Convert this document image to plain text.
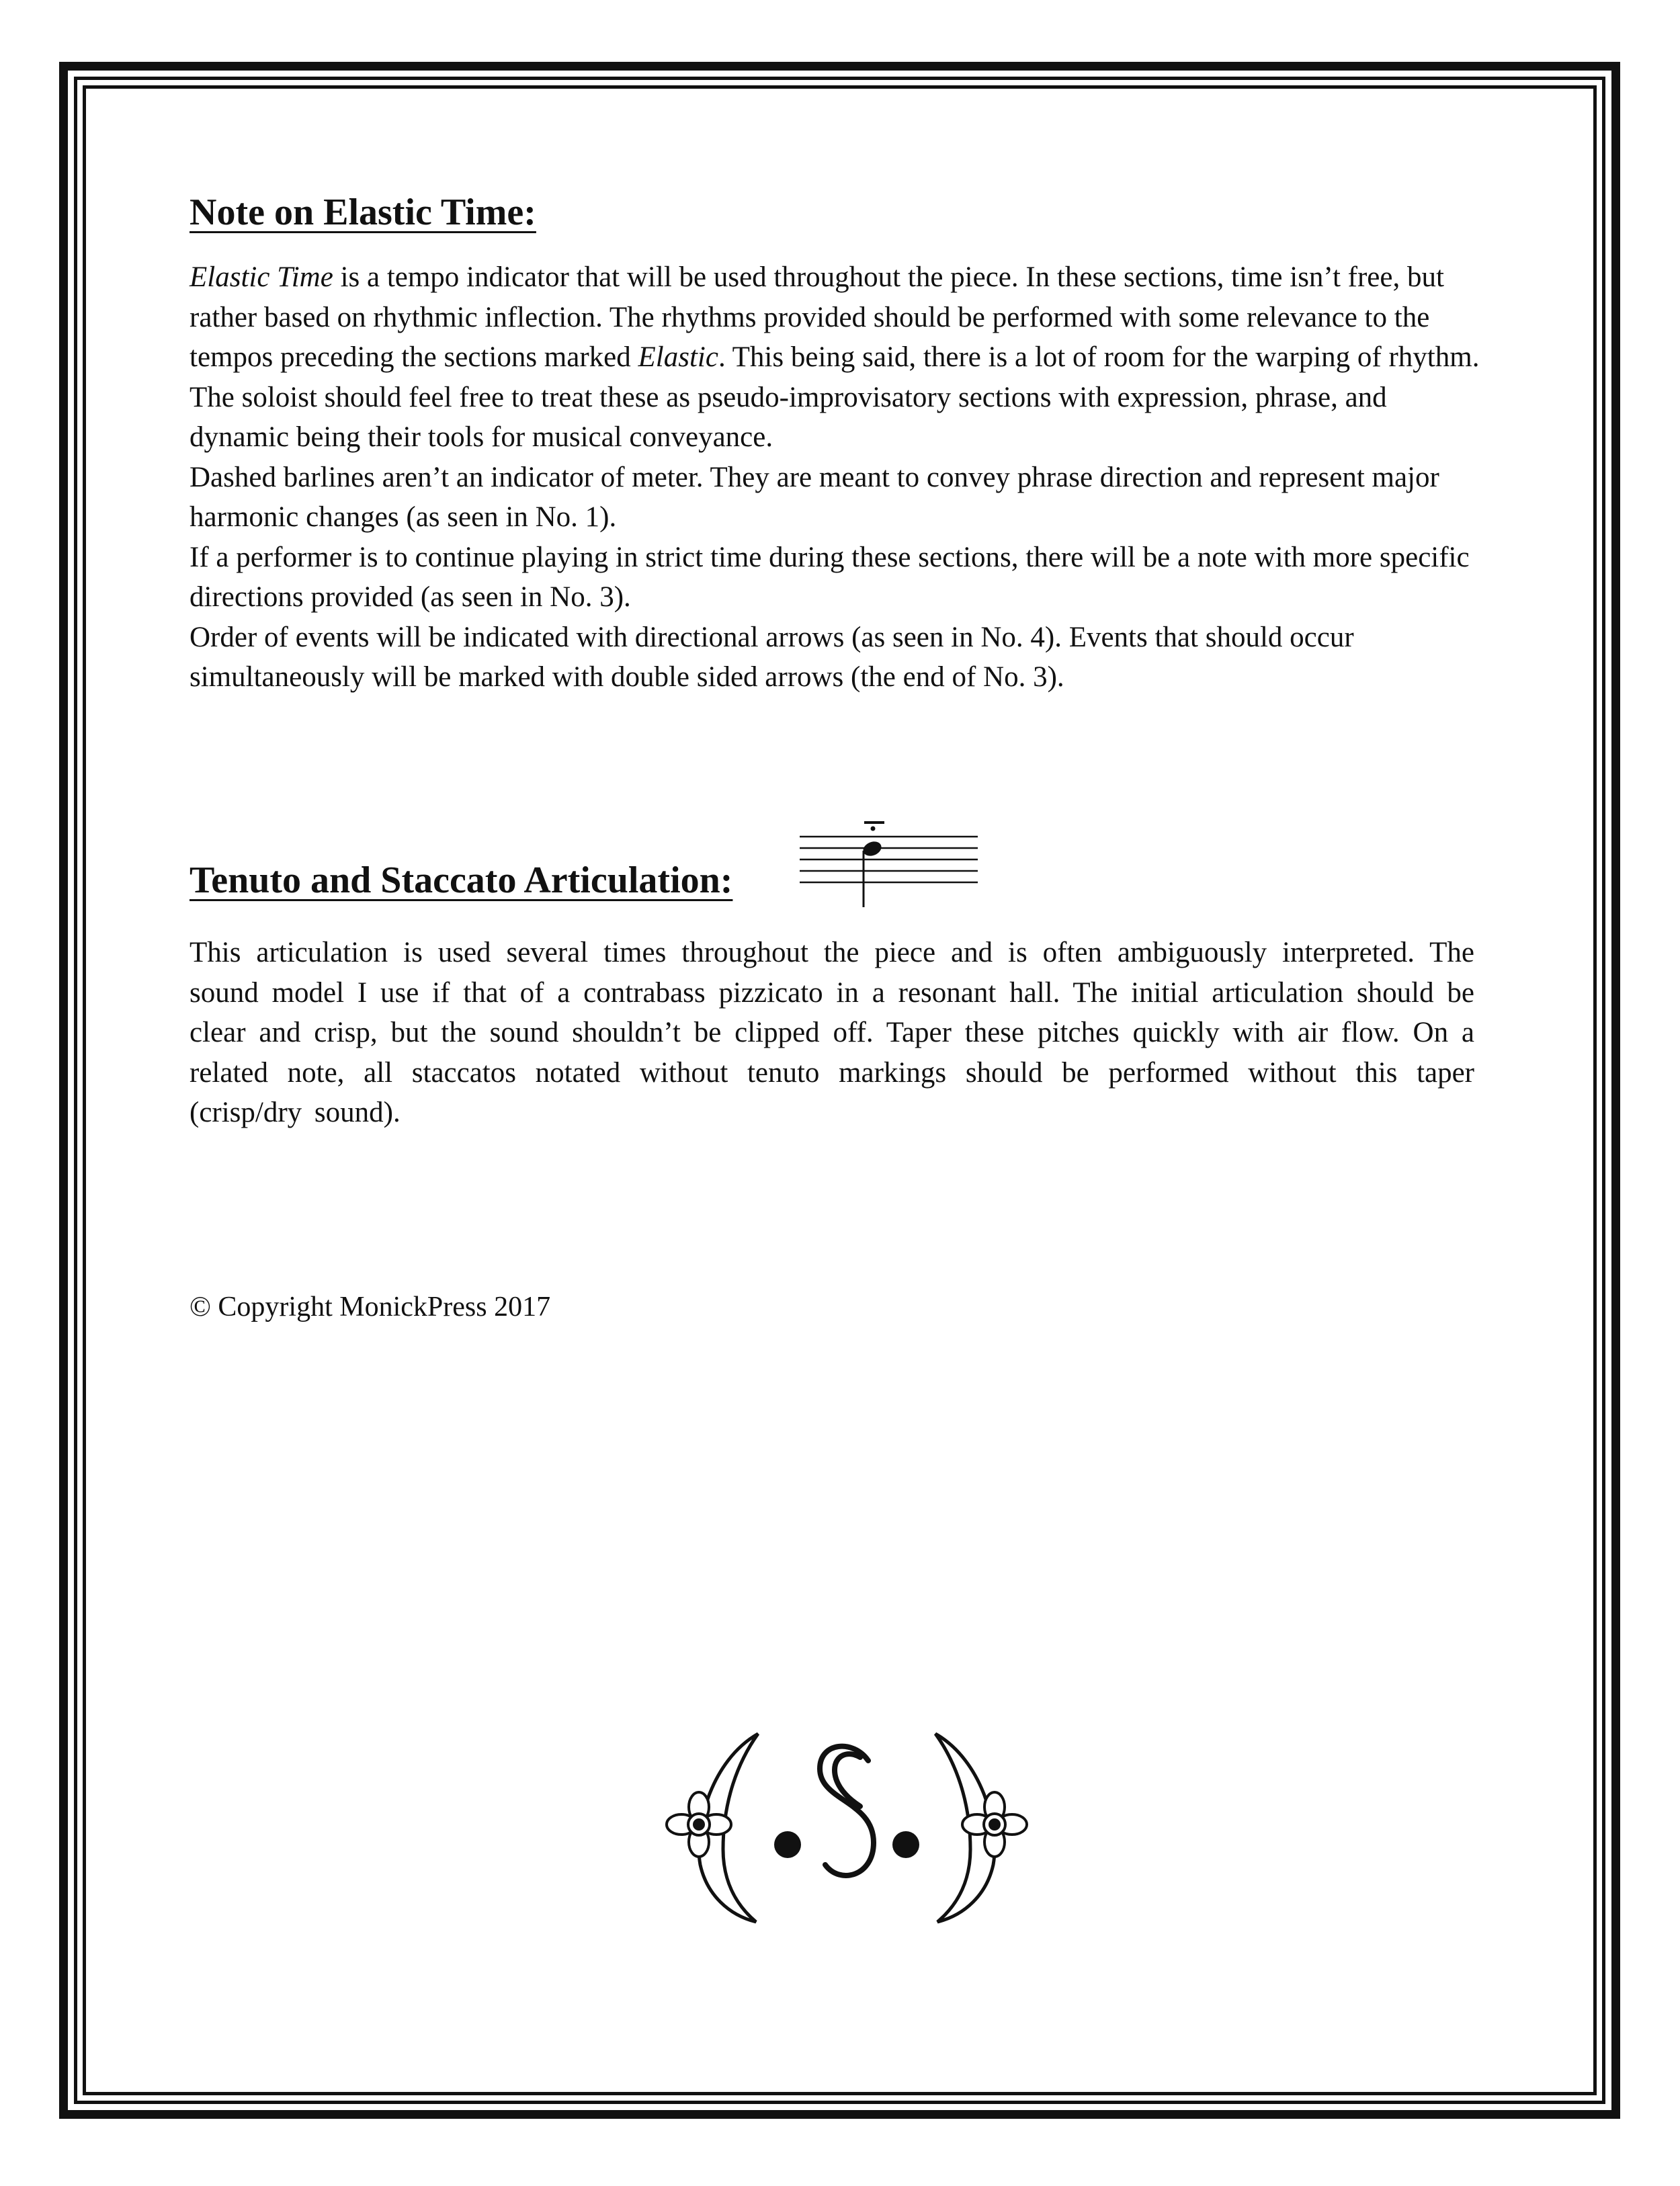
Note on Elastic Time:

Elastic Time is a tempo indicator that will be used throughout the piece. In these sections, time isn’t free, but rather based on rhythmic inflection. The rhythms provided should be performed with some relevance to the tempos preceding the sections marked Elastic. This being said, there is a lot of room for the warping of rhythm.

The soloist should feel free to treat these as pseudo-improvisatory sections with expression, phrase, and dynamic being their tools for musical conveyance.

Dashed barlines aren’t an indicator of meter. They are meant to convey phrase direction and represent major harmonic changes (as seen in No. 1).

If a performer is to continue playing in strict time during these sections, there will be a note with more specific directions provided (as seen in No. 3).

Order of events will be indicated with directional arrows (as seen in No. 4). Events that should occur simultaneously will be marked with double sided arrows (the end of No. 3).

Tenuto and Staccato Articulation:
This articulation is used several times throughout the piece and is often ambiguously interpreted. The sound model I use if that of a contrabass pizzicato in a resonant hall. The initial articulation should be clear and crisp, but the sound shouldn’t be clipped off. Taper these pitches quickly with air flow. On a related note, all staccatos notated without tenuto markings should be performed without this taper (crisp/dry sound).
© Copyright MonickPress 2017
